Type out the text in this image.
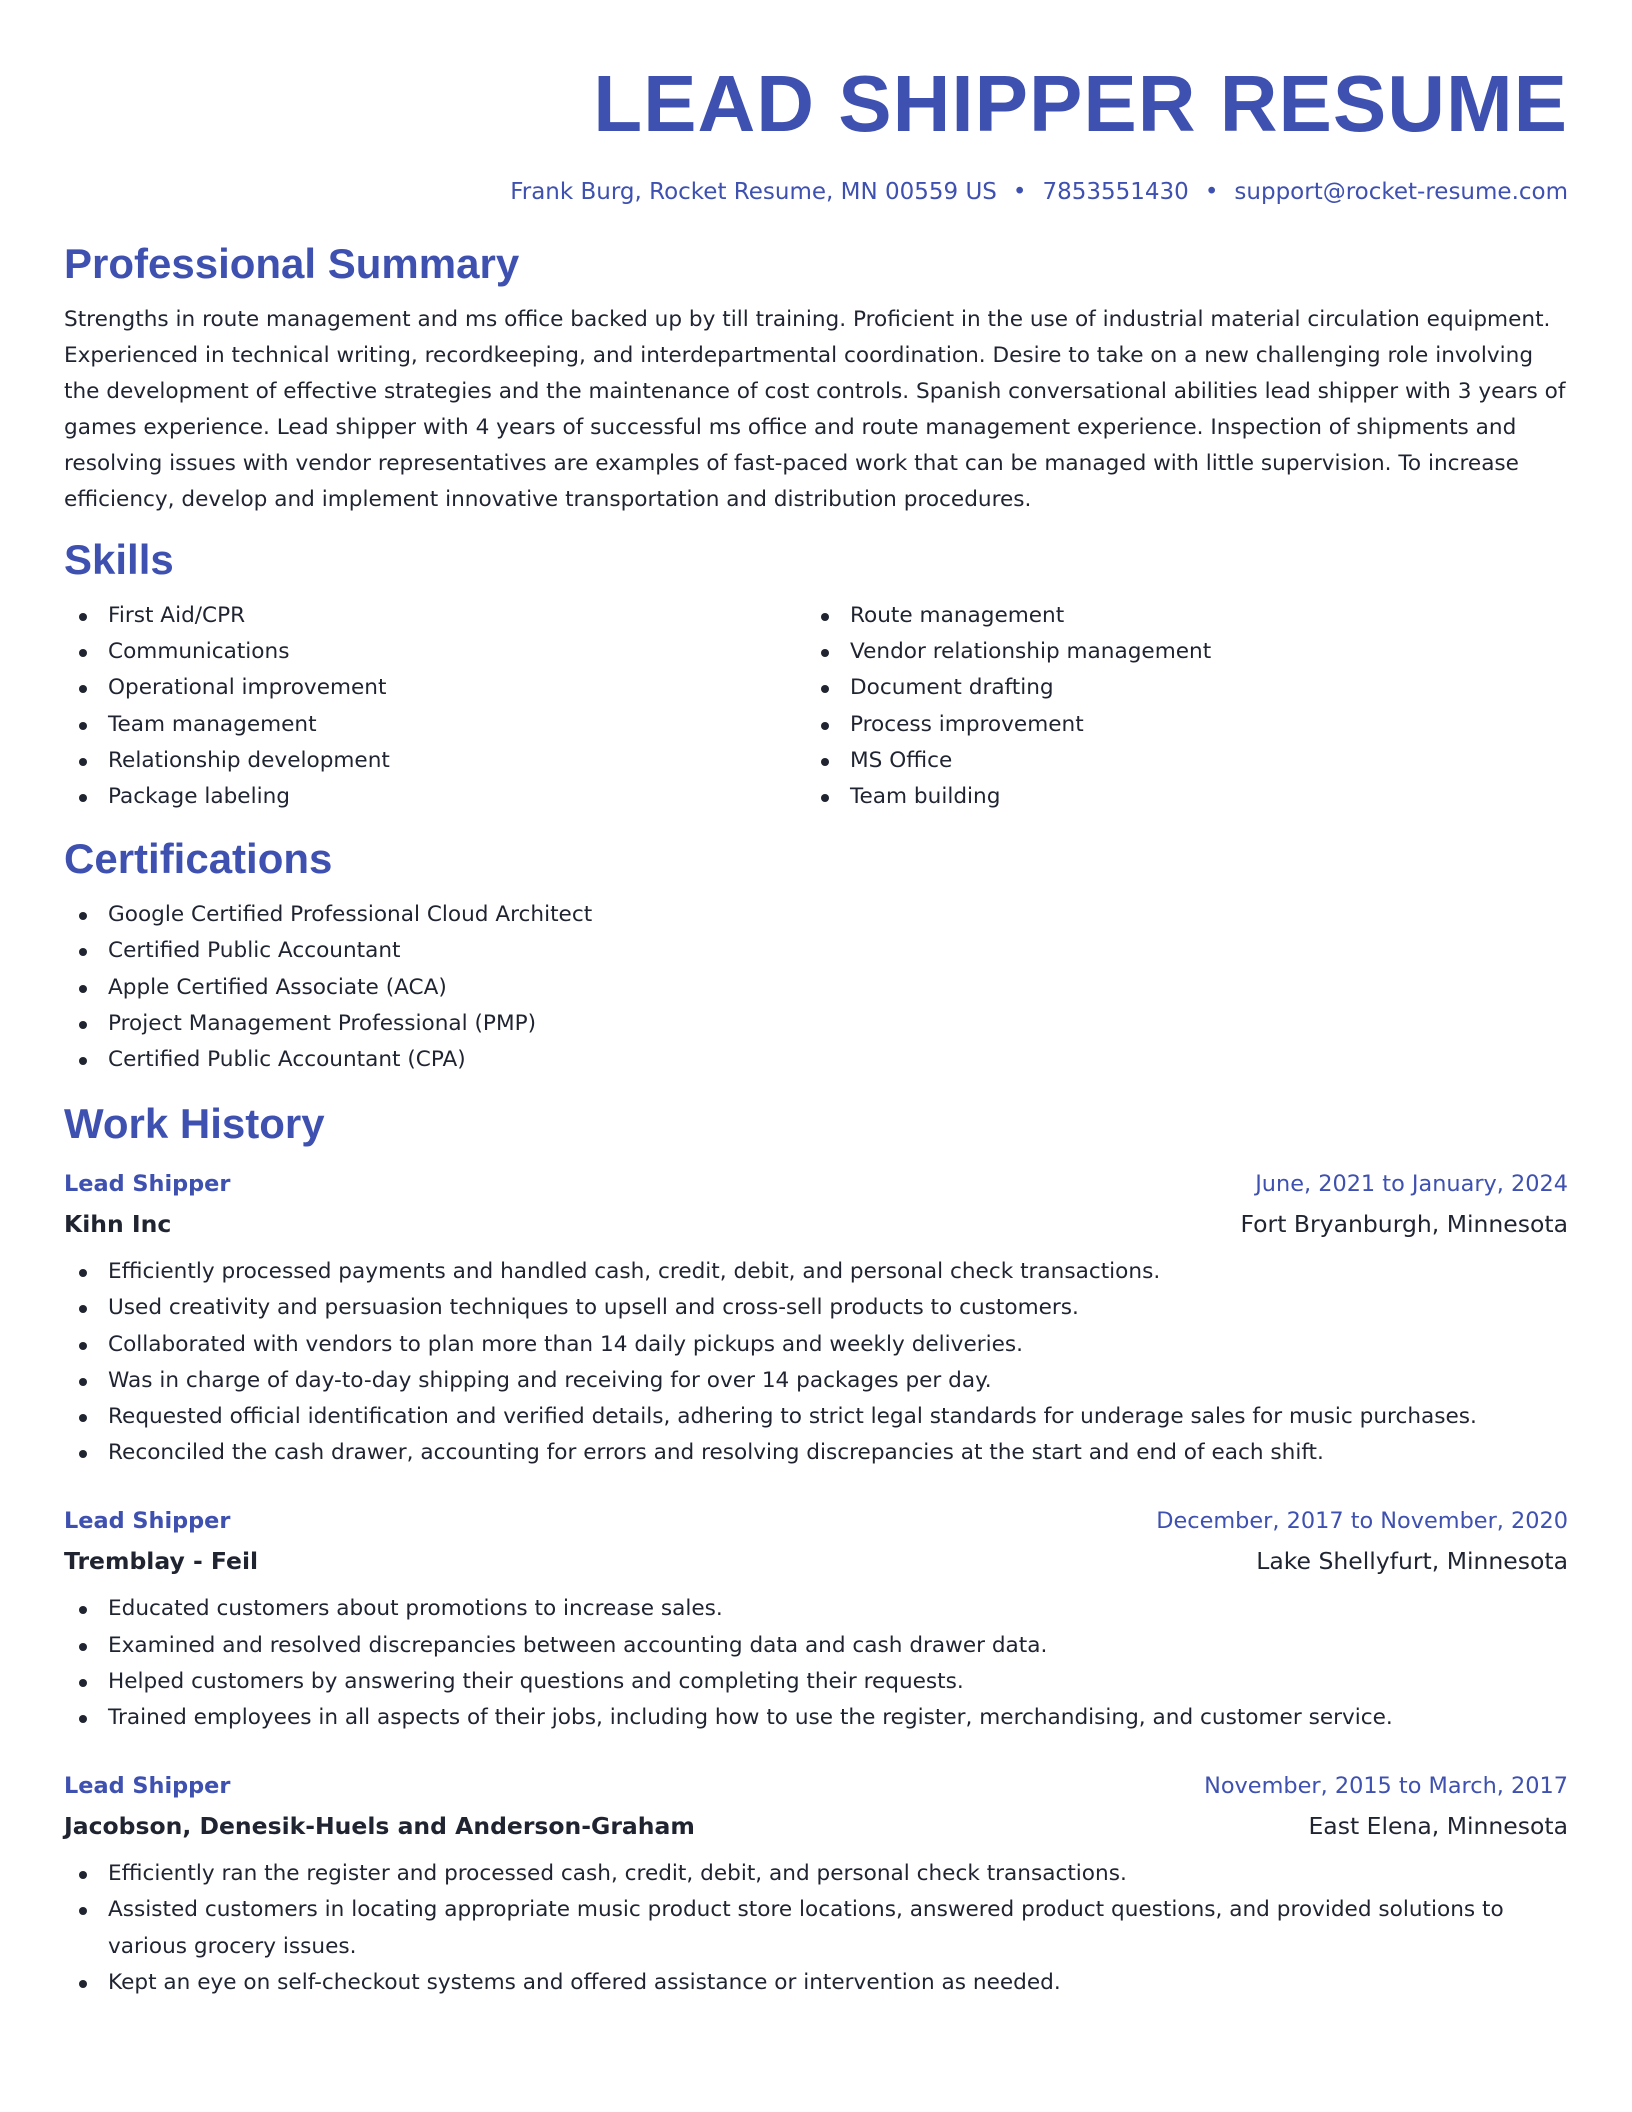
LEAD SHIPPER RESUME
Frank Burg, Rocket Resume, MN 00559 US • 7853551430 • support@rocket-resume.com
Professional Summary

Strengths in route management and ms office backed up by till training. Proficient in the use of industrial material circulation equipment. Experienced in technical writing, recordkeeping, and interdepartmental coordination. Desire to take on a new challenging role involving the development of effective strategies and the maintenance of cost controls. Spanish conversational abilities lead shipper with 3 years of games experience. Lead shipper with 4 years of successful ms office and route management experience. Inspection of shipments and resolving issues with vendor representatives are examples of fast-paced work that can be managed with little supervision. To increase efficiency, develop and implement innovative transportation and distribution procedures.

Skills
First Aid/CPR
Communications
Operational improvement
Team management
Relationship development
Package labeling
Route management
Vendor relationship management
Document drafting
Process improvement
MS Office
Team building
Certifications
Google Certified Professional Cloud Architect
Certified Public Accountant
Apple Certified Associate (ACA)
Project Management Professional (PMP)
Certified Public Accountant (CPA)
Work History
Lead Shipper	June, 2021 to January, 2024
Kihn Inc	Fort Bryanburgh, Minnesota
Efficiently processed payments and handled cash, credit, debit, and personal check transactions.
Used creativity and persuasion techniques to upsell and cross-sell products to customers.
Collaborated with vendors to plan more than 14 daily pickups and weekly deliveries.
Was in charge of day-to-day shipping and receiving for over 14 packages per day.
Requested official identification and verified details, adhering to strict legal standards for underage sales for music purchases.
Reconciled the cash drawer, accounting for errors and resolving discrepancies at the start and end of each shift.
Lead Shipper	December, 2017 to November, 2020
Tremblay - Feil	Lake Shellyfurt, Minnesota
Educated customers about promotions to increase sales.
Examined and resolved discrepancies between accounting data and cash drawer data.
Helped customers by answering their questions and completing their requests.
Trained employees in all aspects of their jobs, including how to use the register, merchandising, and customer service.
Lead Shipper	November, 2015 to March, 2017
Jacobson, Denesik-Huels and Anderson-Graham	East Elena, Minnesota
Efficiently ran the register and processed cash, credit, debit, and personal check transactions.
Assisted customers in locating appropriate music product store locations, answered product questions, and provided solutions to various grocery issues.
Kept an eye on self-checkout systems and offered assistance or intervention as needed.
